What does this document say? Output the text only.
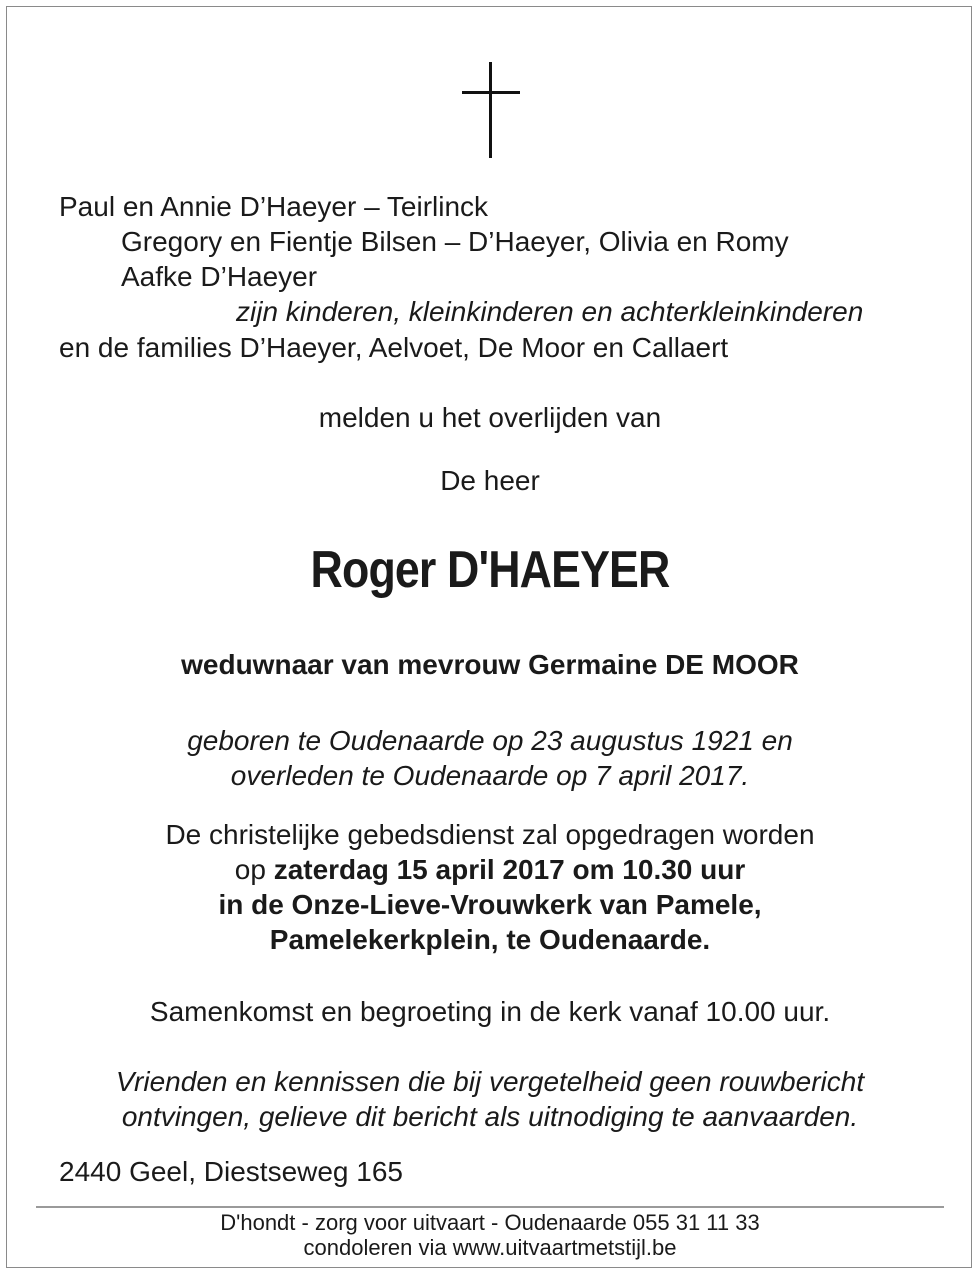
Paul en Annie D’Haeyer – Teirlinck
Gregory en Fientje Bilsen – D’Haeyer, Olivia en Romy
Aafke D’Haeyer
zijn kinderen, kleinkinderen en achterkleinkinderen
en de families D’Haeyer, Aelvoet, De Moor en Callaert
melden u het overlijden van
De heer
Roger D'HAEYER
weduwnaar van mevrouw Germaine DE MOOR
geboren te Oudenaarde op 23 augustus 1921 en
overleden te Oudenaarde op 7 april 2017.
De christelijke gebedsdienst zal opgedragen worden
op zaterdag 15 april 2017 om 10.30 uur
in de Onze-Lieve-Vrouwkerk van Pamele,
Pamelekerkplein, te Oudenaarde.
Samenkomst en begroeting in de kerk vanaf 10.00 uur.
Vrienden en kennissen die bij vergetelheid geen rouwbericht
ontvingen, gelieve dit bericht als uitnodiging te aanvaarden.
2440 Geel, Diestseweg 165
D'hondt - zorg voor uitvaart - Oudenaarde 055 31 11 33
condoleren via www.uitvaartmetstijl.be
